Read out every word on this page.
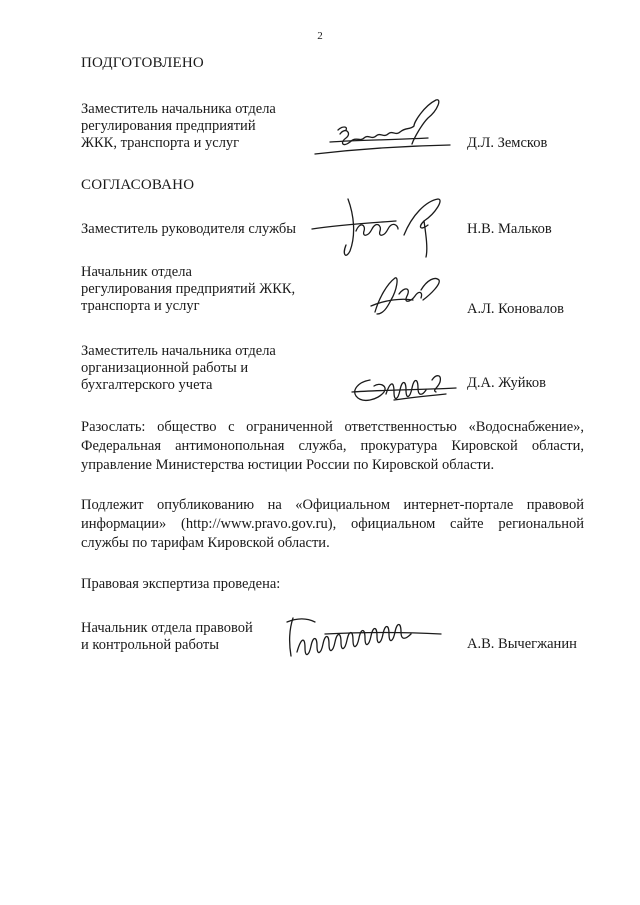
2
ПОДГОТОВЛЕНО
Заместитель начальника отдела
регулирования предприятий
ЖКК, транспорта и услуг	Д.Л. Земсков
СОГЛАСОВАНО
Заместитель руководителя службы	Н.В. Мальков
Начальник отдела
регулирования предприятий ЖКК,
транспорта и услуг	А.Л. Коновалов
Заместитель начальника отдела
организационной работы и
бухгалтерского учета	Д.А. Жуйков
Разослать: общество с ограниченной ответственностью «Водоснабжение», Федеральная антимонопольная служба, прокуратура Кировской области, управление Министерства юстиции России по Кировской области.
Подлежит опубликованию на «Официальном интернет-портале правовой информации» (http://www.pravo.gov.ru), официальном сайте региональной службы по тарифам Кировской области.
Правовая экспертиза проведена:
Начальник отдела правовой
и контрольной работы	А.В. Вычегжанин
